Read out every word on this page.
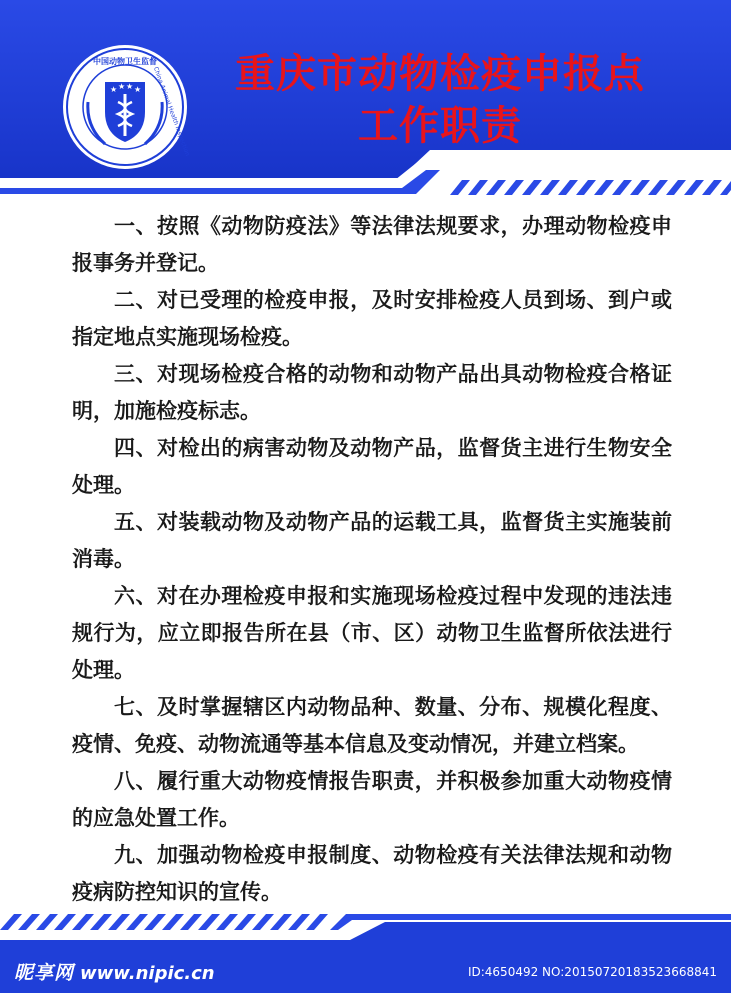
★ ★ ★ ★
中国动物卫生监督
China Animal Health Inspection	重庆市动物检疫申报点
工作职责

一、按照《动物防疫法》等法律法规要求，办理动物检疫申报事务并登记。

二、对已受理的检疫申报，及时安排检疫人员到场、到户或指定地点实施现场检疫。

三、对现场检疫合格的动物和动物产品出具动物检疫合格证明，加施检疫标志。

四、对检出的病害动物及动物产品，监督货主进行生物安全处理。

五、对装载动物及动物产品的运载工具，监督货主实施装前消毒。

六、对在办理检疫申报和实施现场检疫过程中发现的违法违规行为，应立即报告所在县（市、区）动物卫生监督所依法进行处理。

七、及时掌握辖区内动物品种、数量、分布、规模化程度、疫情、免疫、动物流通等基本信息及变动情况，并建立档案。

八、履行重大动物疫情报告职责，并积极参加重大动物疫情的应急处置工作。

九、加强动物检疫申报制度、动物检疫有关法律法规和动物疫病防控知识的宣传。

昵享网 www.nipic.cn	ID:4650492 NO:20150720183523668841
